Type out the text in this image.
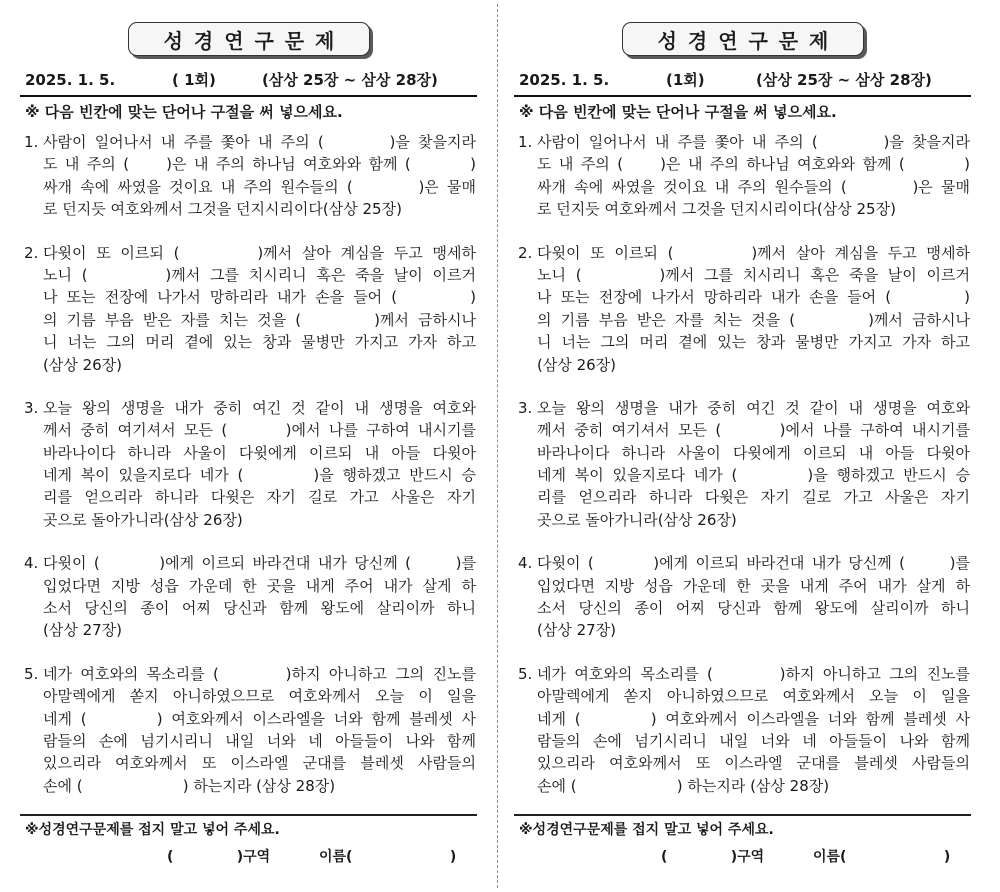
성 경 연 구 문 제
2025. 1. 5.	( 1회)	(삼상 25장 ~ 삼상 28장)
※ 다음 빈칸에 맞는 단어나 구절을 써 넣으세요.
1. 사람이 일어나서 내 주를 쫓아 내 주의 (        )을 찾을지라
도 내 주의 (     )은 내 주의 하나님 여호와와 함께 (        )
싸개 속에 싸였을 것이요 내 주의 원수들의 (        )은 물매
로 던지듯 여호와께서 그것을 던지시리이다(삼상 25장)
2. 다윗이 또 이르되 (        )께서 살아 계심을 두고 맹세하
노니 (        )께서 그를 치시리니 혹은 죽을 날이 이르거
나 또는 전장에 나가서 망하리라 내가 손을 들어 (        )
의 기름 부음 받은 자를 치는 것을 (        )께서 금하시나
니 너는 그의 머리 곁에 있는 창과 물병만 가지고 가자 하고
(삼상 26장)
3. 오늘 왕의 생명을 내가 중히 여긴 것 같이 내 생명을 여호와
께서 중히 여기셔서 모든 (       )에서 나를 구하여 내시기를
바라나이다 하니라 사울이 다윗에게 이르되 내 아들 다윗아
네게 복이 있을지로다 네가 (        )을 행하겠고 반드시 승
리를 얻으리라 하니라 다윗은 자기 길로 가고 사울은 자기
곳으로 돌아가니라(삼상 26장)
4. 다윗이 (        )에게 이르되 바라건대 내가 당신께 (      )를
입었다면 지방 성읍 가운데 한 곳을 내게 주어 내가 살게 하
소서 당신의 종이 어찌 당신과 함께 왕도에 살리이까 하니
(삼상 27장)
5. 네가 여호와의 목소리를 (        )하지 아니하고 그의 진노를
아말렉에게 쏟지 아니하였으므로 여호와께서 오늘 이 일을
네게 (        ) 여호와께서 이스라엘을 너와 함께 블레셋 사
람들의 손에 넘기시리니 내일 너와 네 아들들이 나와 함께
있으리라 여호와께서 또 이스라엘 군대를 블레셋 사람들의
손에 (                     ) 하는지라 (삼상 28장)
※성경연구문제를 접지 말고 넣어 주세요.
(             )구역          이름(                    )
성 경 연 구 문 제
2025. 1. 5.	(1회)	(삼상 25장 ~ 삼상 28장)
※ 다음 빈칸에 맞는 단어나 구절을 써 넣으세요.
1. 사람이 일어나서 내 주를 쫓아 내 주의 (        )을 찾을지라
도 내 주의 (     )은 내 주의 하나님 여호와와 함께 (        )
싸개 속에 싸였을 것이요 내 주의 원수들의 (        )은 물매
로 던지듯 여호와께서 그것을 던지시리이다(삼상 25장)
2. 다윗이 또 이르되 (        )께서 살아 계심을 두고 맹세하
노니 (        )께서 그를 치시리니 혹은 죽을 날이 이르거
나 또는 전장에 나가서 망하리라 내가 손을 들어 (        )
의 기름 부음 받은 자를 치는 것을 (        )께서 금하시나
니 너는 그의 머리 곁에 있는 창과 물병만 가지고 가자 하고
(삼상 26장)
3. 오늘 왕의 생명을 내가 중히 여긴 것 같이 내 생명을 여호와
께서 중히 여기셔서 모든 (       )에서 나를 구하여 내시기를
바라나이다 하니라 사울이 다윗에게 이르되 내 아들 다윗아
네게 복이 있을지로다 네가 (        )을 행하겠고 반드시 승
리를 얻으리라 하니라 다윗은 자기 길로 가고 사울은 자기
곳으로 돌아가니라(삼상 26장)
4. 다윗이 (        )에게 이르되 바라건대 내가 당신께 (      )를
입었다면 지방 성읍 가운데 한 곳을 내게 주어 내가 살게 하
소서 당신의 종이 어찌 당신과 함께 왕도에 살리이까 하니
(삼상 27장)
5. 네가 여호와의 목소리를 (        )하지 아니하고 그의 진노를
아말렉에게 쏟지 아니하였으므로 여호와께서 오늘 이 일을
네게 (        ) 여호와께서 이스라엘을 너와 함께 블레셋 사
람들의 손에 넘기시리니 내일 너와 네 아들들이 나와 함께
있으리라 여호와께서 또 이스라엘 군대를 블레셋 사람들의
손에 (                     ) 하는지라 (삼상 28장)
※성경연구문제를 접지 말고 넣어 주세요.
(             )구역          이름(                    )
